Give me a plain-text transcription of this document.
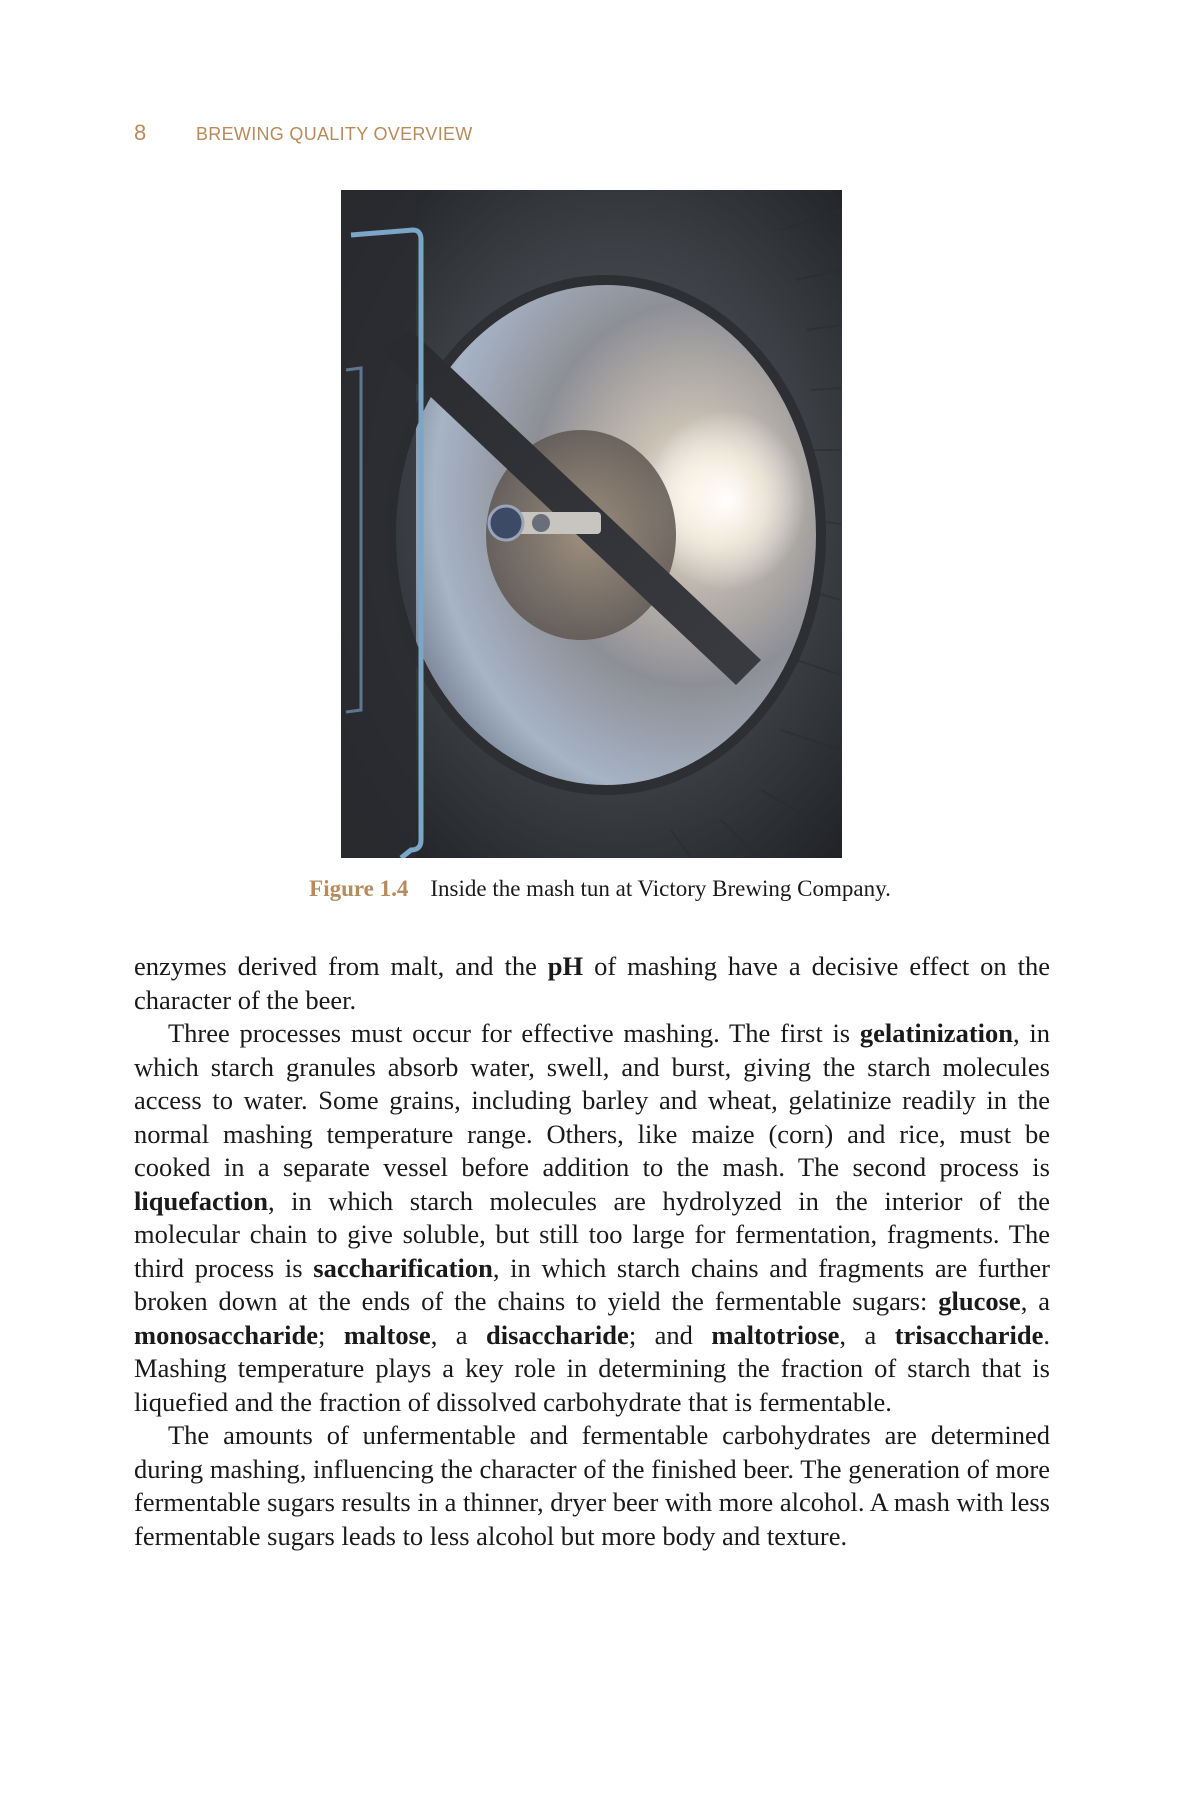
8	BREWING QUALITY OVERVIEW
Figure 1.4 Inside the mash tun at Victory Brewing Company.

enzymes derived from malt, and the pH of mashing have a decisive effect on the character of the beer.

Three processes must occur for effective mashing. The first is gelatinization, in which starch granules absorb water, swell, and burst, giving the starch molecules access to water. Some grains, including barley and wheat, gelatinize readily in the normal mashing temperature range. Others, like maize (corn) and rice, must be cooked in a separate vessel before addition to the mash. The second process is liquefaction, in which starch molecules are hydrolyzed in the interior of the molecular chain to give soluble, but still too large for fermentation, fragments. The third process is saccharification, in which starch chains and fragments are further broken down at the ends of the chains to yield the fermentable sugars: glucose, a monosaccharide; maltose, a disaccharide; and maltotriose, a trisaccharide. Mashing temperature plays a key role in determining the fraction of starch that is liquefied and the fraction of dissolved carbohydrate that is fermentable.

The amounts of unfermentable and fermentable carbohydrates are determined during mashing, influencing the character of the finished beer. The generation of more fermentable sugars results in a thinner, dryer beer with more alcohol. A mash with less fermentable sugars leads to less alcohol but more body and texture.
